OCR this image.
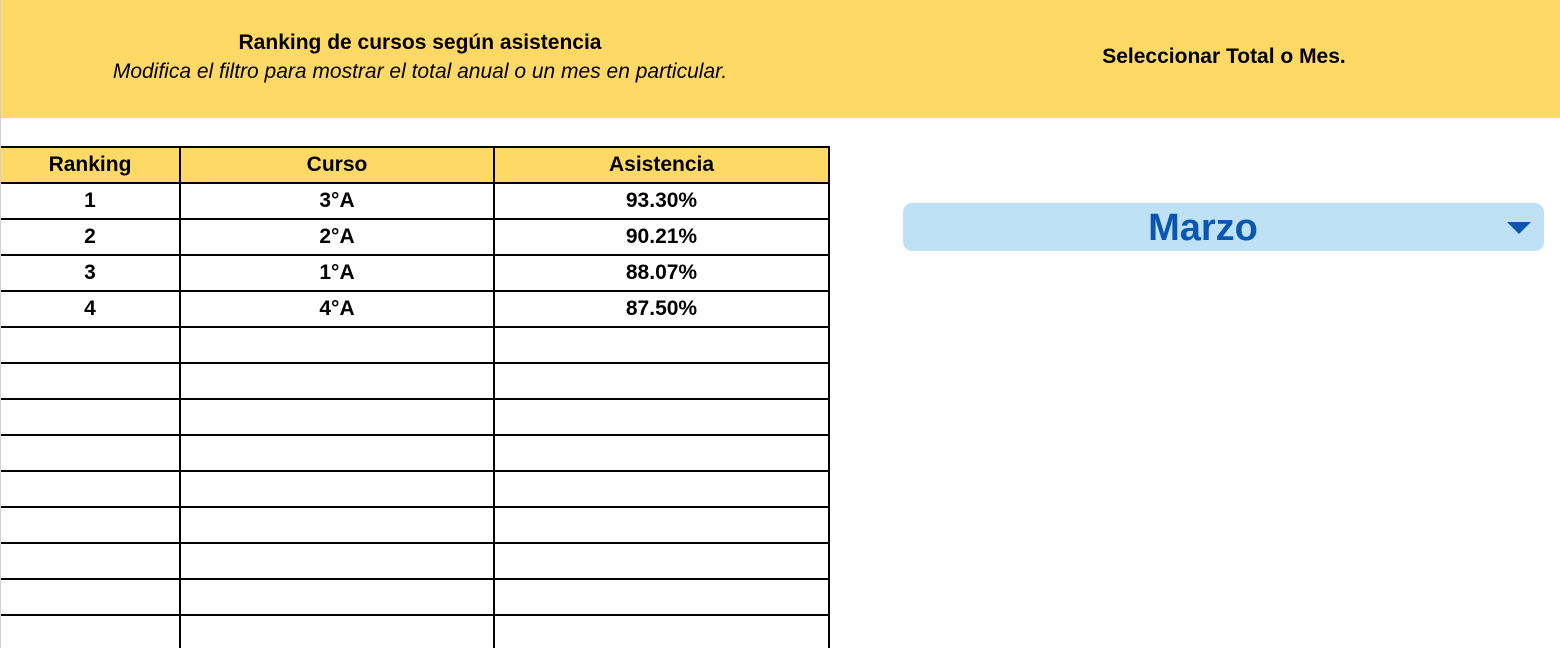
Ranking de cursos según asistencia
Modifica el filtro para mostrar el total anual o un mes en particular.
Seleccionar Total o Mes.
Ranking	Curso	Asistencia
1	3°A	93.30%
2	2°A	90.21%
3	1°A	88.07%
4	4°A	87.50%

Marzo
